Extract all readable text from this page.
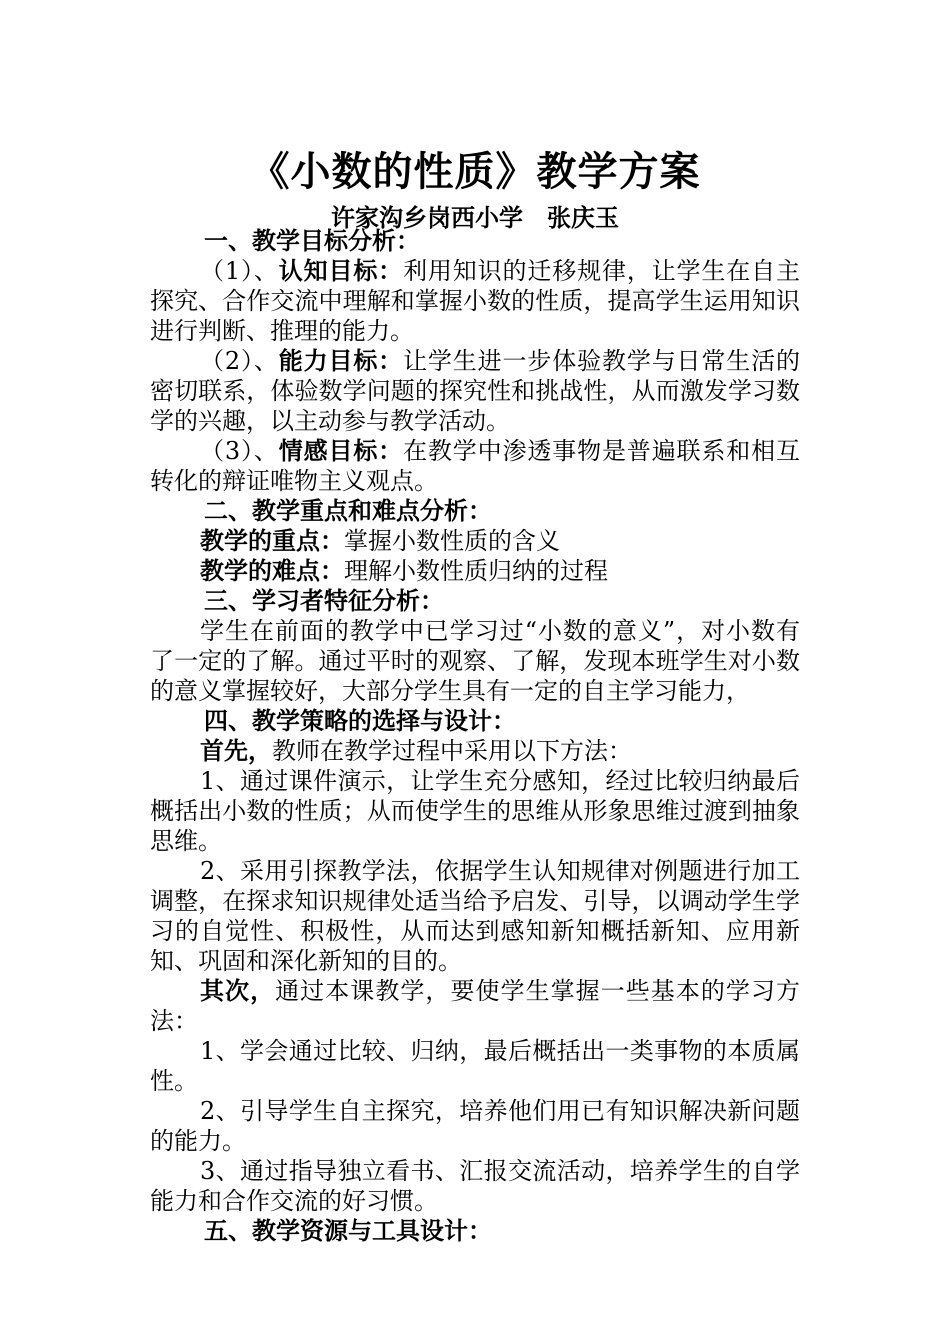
《小数的性质》教学方案
许家沟乡岗西小学　张庆玉

一、教学目标分析：

（1）、认知目标：利用知识的迁移规律，让学生在自主探究、合作交流中理解和掌握小数的性质，提高学生运用知识进行判断、推理的能力。

（2）、能力目标：让学生进一步体验教学与日常生活的密切联系，体验数学问题的探究性和挑战性，从而激发学习数学的兴趣，以主动参与教学活动。

（3）、情感目标：在教学中渗透事物是普遍联系和相互转化的辩证唯物主义观点。

二、教学重点和难点分析：

教学的重点：掌握小数性质的含义

教学的难点：理解小数性质归纳的过程

三、学习者特征分析：

学生在前面的教学中已学习过“小数的意义”，对小数有了一定的了解。通过平时的观察、了解，发现本班学生对小数的意义掌握较好，大部分学生具有一定的自主学习能力，

四、教学策略的选择与设计：

首先，教师在教学过程中采用以下方法：

1、通过课件演示，让学生充分感知，经过比较归纳最后概括出小数的性质；从而使学生的思维从形象思维过渡到抽象思维。

2、采用引探教学法，依据学生认知规律对例题进行加工调整，在探求知识规律处适当给予启发、引导，以调动学生学习的自觉性、积极性，从而达到感知新知概括新知、应用新知、巩固和深化新知的目的。

其次，通过本课教学，要使学生掌握一些基本的学习方法：

1、学会通过比较、归纳，最后概括出一类事物的本质属性。

2、引导学生自主探究，培养他们用已有知识解决新问题的能力。

3、通过指导独立看书、汇报交流活动，培养学生的自学能力和合作交流的好习惯。

五、教学资源与工具设计：
